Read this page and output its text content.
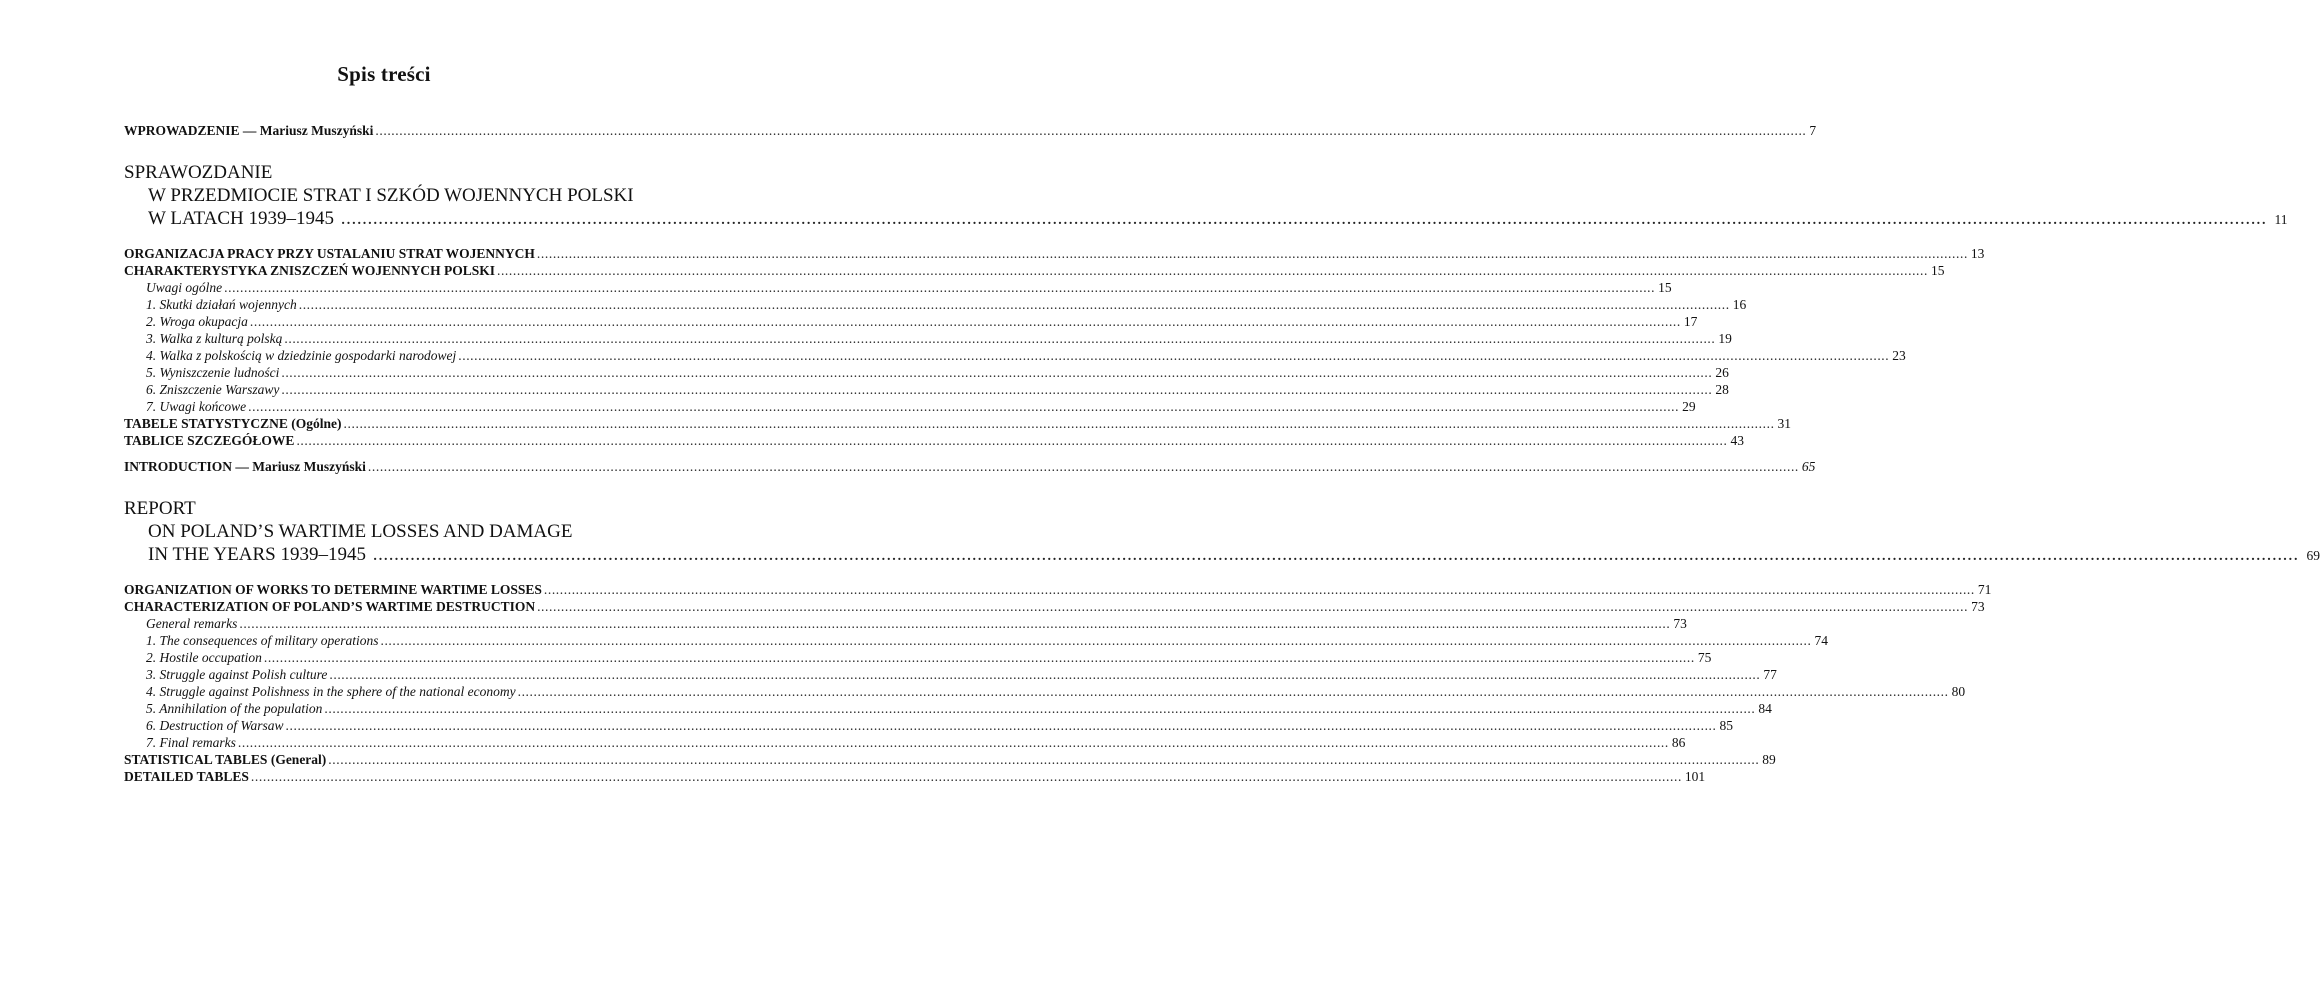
Spis treści
WPROWADZENIE — Mariusz Muszyński .....	7
SPRAWOZDANIE
W PRZEDMIOCIE STRAT I SZKÓD WOJENNYCH POLSKI
W LATACH 1939–1945 .....	11
ORGANIZACJA PRACY PRZY USTALANIU STRAT WOJENNYCH .....	13
CHARAKTERYSTYKA ZNISZCZEŃ WOJENNYCH POLSKI .....	15
Uwagi ogólne .....	15
1. Skutki działań wojennych .....	16
2. Wroga okupacja .....	17
3. Walka z kulturą polską .....	19
4. Walka z polskością w dziedzinie gospodarki narodowej .....	23
5. Wyniszczenie ludności .....	26
6. Zniszczenie Warszawy .....	28
7. Uwagi końcowe .....	29
TABELE STATYSTYCZNE (Ogólne) .....	31
TABLICE SZCZEGÓŁOWE .....	43
INTRODUCTION — Mariusz Muszyński .....	65
REPORT
ON POLAND’S WARTIME LOSSES AND DAMAGE
IN THE YEARS 1939–1945 .....	69
ORGANIZATION OF WORKS TO DETERMINE WARTIME LOSSES .....	71
CHARACTERIZATION OF POLAND’S WARTIME DESTRUCTION .....	73
General remarks .....	73
1. The consequences of military operations .....	74
2. Hostile occupation .....	75
3. Struggle against Polish culture .....	77
4. Struggle against Polishness in the sphere of the national economy .....	80
5. Annihilation of the population .....	84
6. Destruction of Warsaw .....	85
7. Final remarks .....	86
STATISTICAL TABLES (General) .....	89
DETAILED TABLES .....	101
